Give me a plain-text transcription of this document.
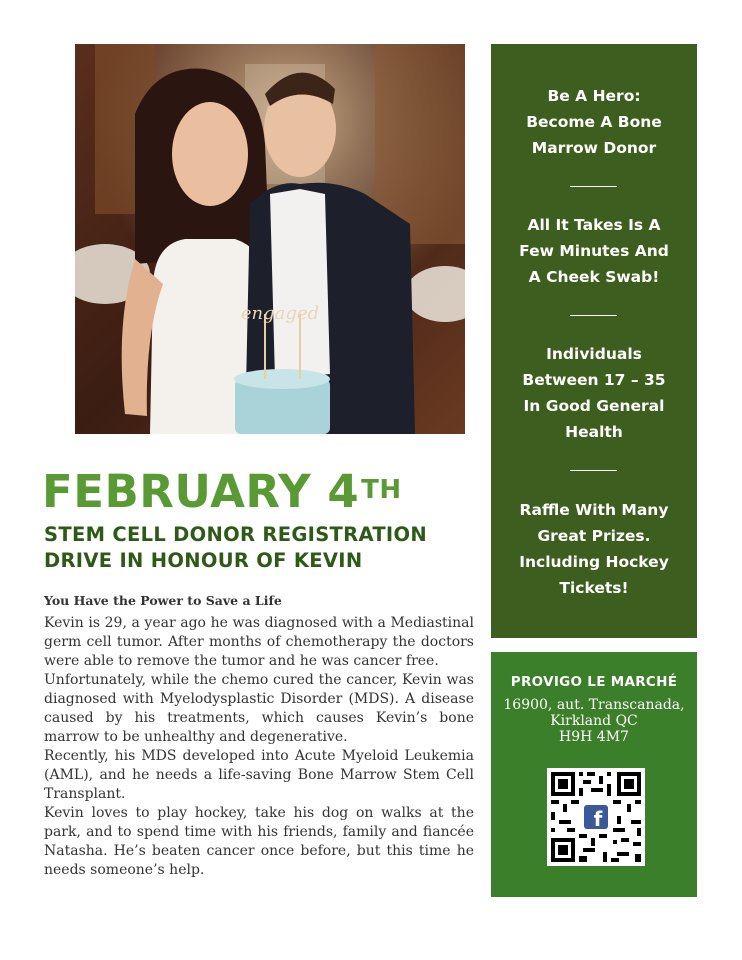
engaged
Be A Hero:
Become A Bone
Marrow Donor
All It Takes Is A
Few Minutes And
A Cheek Swab!
Individuals
Between 17 – 35
In Good General
Health
Raffle With Many
Great Prizes.
Including Hockey
Tickets!
PROVIGO LE MARCHÉ
16900, aut. Transcanada,
Kirkland QC
H9H 4M7
f
FEBRUARY 4TH
STEM CELL DONOR REGISTRATION
DRIVE IN HONOUR OF KEVIN
You Have the Power to Save a Life

Kevin is 29, a year ago he was diagnosed with a Mediastinal germ cell tumor. After months of chemotherapy the doctors were able to remove the tumor and he was cancer free.

Unfortunately, while the chemo cured the cancer, Kevin was diagnosed with Myelodysplastic Disorder (MDS). A disease caused by his treatments, which causes Kevin’s bone marrow to be unhealthy and degenerative.

Recently, his MDS developed into Acute Myeloid Leukemia (AML), and he needs a life-saving Bone Marrow Stem Cell Transplant.

Kevin loves to play hockey, take his dog on walks at the park, and to spend time with his friends, family and fiancée Natasha. He’s beaten cancer once before, but this time he needs someone’s help.
